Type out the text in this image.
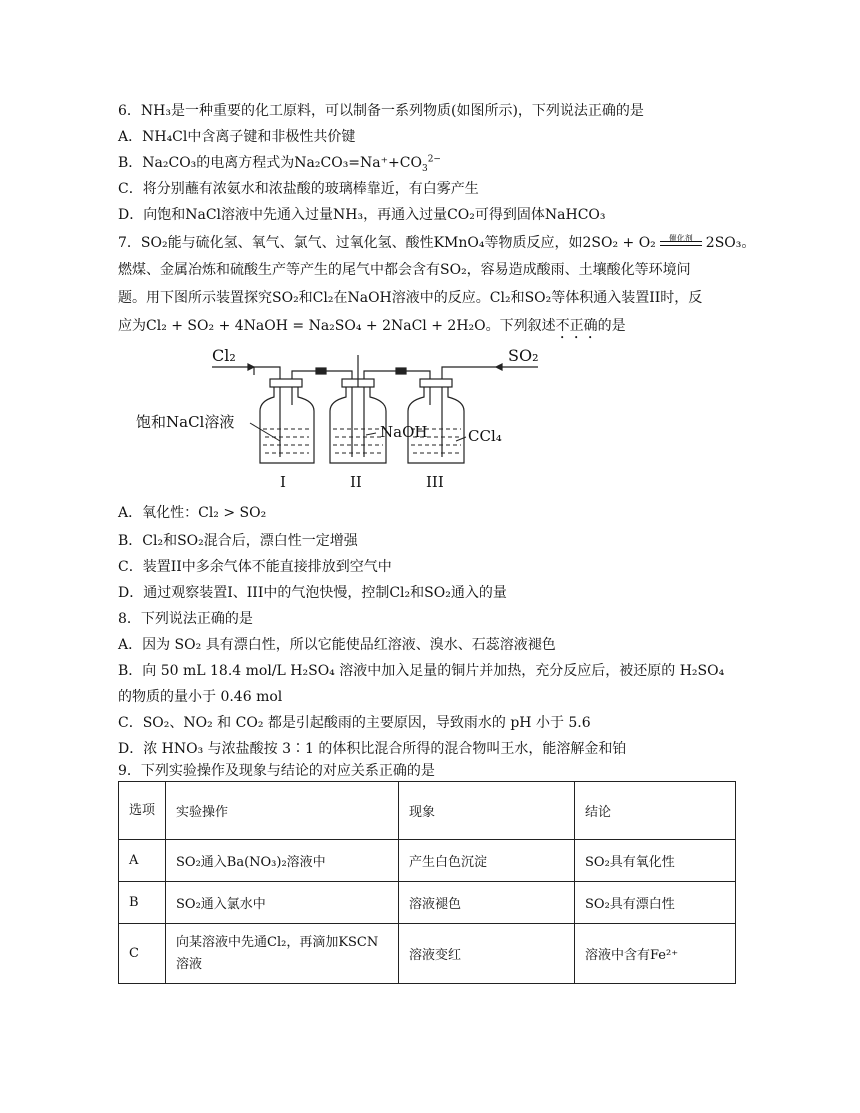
6．NH₃是一种重要的化工原料，可以制备一系列物质(如图所示)，下列说法正确的是
A．NH₄Cl中含离子键和非极性共价键
B．Na₂CO₃的电离方程式为$Na_2CO_3=Na^++CO_3^{2-}$
C．将分别蘸有浓氨水和浓盐酸的玻璃棒靠近，有白雾产生
D．向饱和NaCl溶液中先通入过量NH₃，再通入过量CO₂可得到固体NaHCO₃
7．SO₂能与硫化氢、氧气、氯气、过氧化氢、酸性KMnO₄等物质反应，如2SO₂ + O₂	催化剂 2SO₃。
燃煤、金属冶炼和硫酸生产等产生的尾气中都会含有SO₂，容易造成酸雨、土壤酸化等环境问
题。用下图所示装置探究SO₂和Cl₂在NaOH溶液中的反应。Cl₂和SO₂等体积通入装置II时，反
应为Cl₂ + SO₂ + 4NaOH = Na₂SO₄ + 2NaCl + 2H₂O。下列叙述不正确的是
Cl₂	SO₂
饱和NaCl溶液
NaOH	CCl₄
I	II	III
A．氧化性：Cl₂ > SO₂
B．Cl₂和SO₂混合后，漂白性一定增强
C．装置II中多余气体不能直接排放到空气中
D．通过观察装置I、III中的气泡快慢，控制Cl₂和SO₂通入的量
8．下列说法正确的是
A．因为 SO₂ 具有漂白性，所以它能使品红溶液、溴水、石蕊溶液褪色
B．向 50 mL 18.4 mol/L H₂SO₄ 溶液中加入足量的铜片并加热，充分反应后，被还原的 H₂SO₄
的物质的量小于 0.46 mol
C．SO₂、NO₂ 和 CO₂ 都是引起酸雨的主要原因，导致雨水的 pH 小于 5.6
D．浓 HNO₃ 与浓盐酸按 3∶1 的体积比混合所得的混合物叫王水，能溶解金和铂
9．下列实验操作及现象与结论的对应关系正确的是
选项	实验操作	现象	结论
A	SO₂通入Ba(NO₃)₂溶液中	产生白色沉淀	SO₂具有氧化性
B	SO₂通入氯水中	溶液褪色	SO₂具有漂白性
C	向某溶液中先通Cl₂，再滴加KSCN溶液	溶液变红	溶液中含有Fe²⁺
